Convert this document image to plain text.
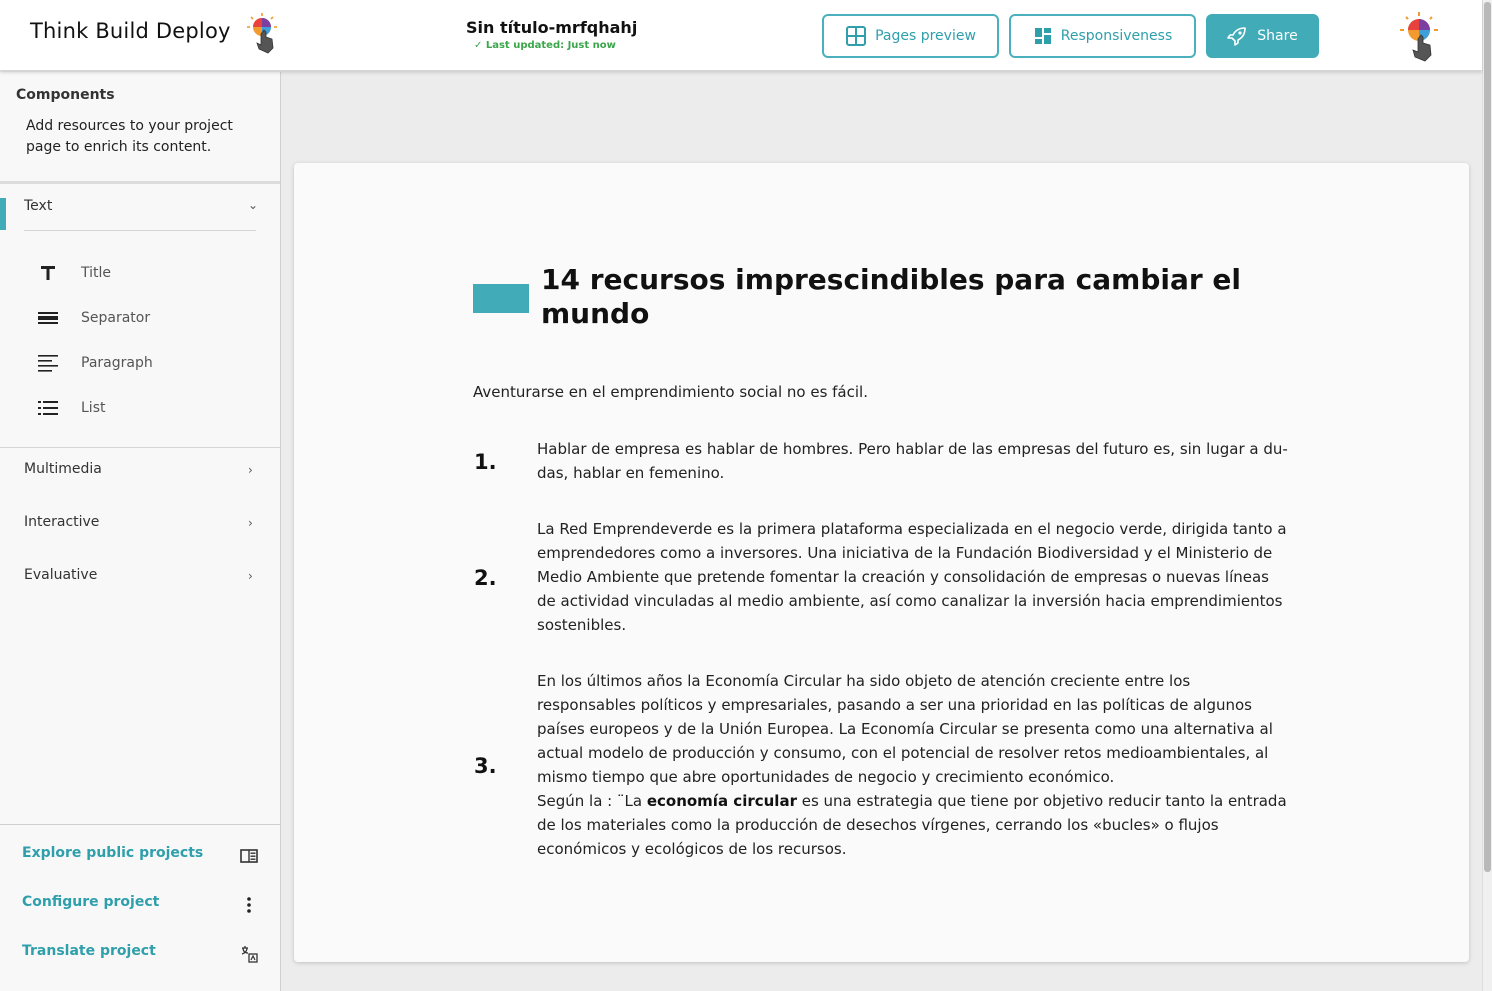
Think Build Deploy	Sin título-mrfqhahj
✓ Last updated: Just now
Pages preview	Responsiveness	Share
Components
Add resources to your project page to enrich its content.
Text	⌄
Title
Separator
Paragraph
List
Multimedia	›
Interactive	›
Evaluative	›
Explore public projects
Configure project
Translate project
14 recursos imprescindibles para cambiar el mundo
Aventurarse en el emprendimiento social no es fácil.
1.
Hablar de empresa es hablar de hombres. Pero hablar de las empresas del futuro es, sin lugar a du-das, hablar en femenino.
2.
La Red Emprendeverde es la primera plataforma especializada en el negocio verde, dirigida tanto a emprendedores como a inversores. Una iniciativa de la Fundación Biodiversidad y el Ministerio de Medio Ambiente que pretende fomentar la creación y consolidación de empresas o nuevas líneas de actividad vinculadas al medio ambiente, así como canalizar la inversión hacia emprendimientos sostenibles.
3.
En los últimos años la Economía Circular ha sido objeto de atención creciente entre los responsables políticos y empresariales, pasando a ser una prioridad en las políticas de algunos países europeos y de la Unión Europea. La Economía Circular se presenta como una alternativa al actual modelo de producción y consumo, con el potencial de resolver retos medioambientales, al mismo tiempo que abre oportunidades de negocio y crecimiento económico.
Según la : ¨La economía circular es una estrategia que tiene por objetivo reducir tanto la entrada de los materiales como la producción de desechos vírgenes, cerrando los «bucles» o flujos económicos y ecológicos de los recursos.
